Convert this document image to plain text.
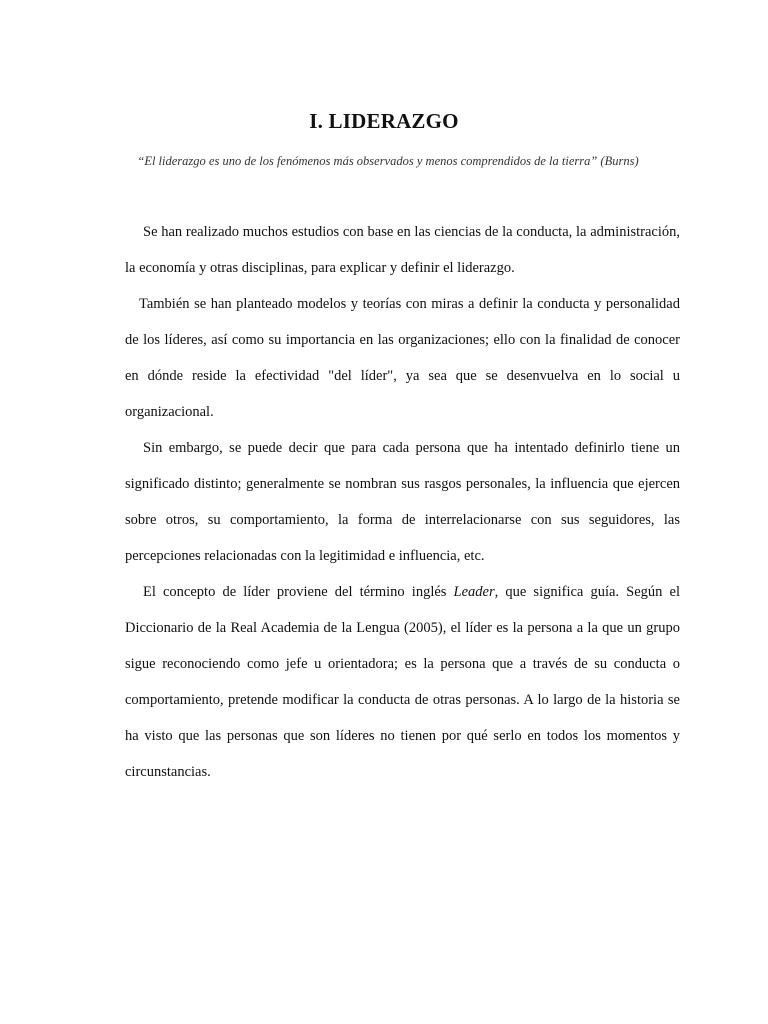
I. LIDERAZGO

“El liderazgo es uno de los fenómenos más observados y menos comprendidos de la tierra” (Burns)

Se han realizado muchos estudios con base en las ciencias de la conducta, la administración, la economía y otras disciplinas, para explicar y definir el liderazgo.

También se han planteado modelos y teorías con miras a definir la conducta y personalidad de los líderes, así como su importancia en las organizaciones; ello con la finalidad de conocer en dónde reside la efectividad "del líder", ya sea que se desenvuelva en lo social u organizacional.

Sin embargo, se puede decir que para cada persona que ha intentado definirlo tiene un significado distinto; generalmente se nombran sus rasgos personales, la influencia que ejercen sobre otros, su comportamiento, la forma de interrelacionarse con sus seguidores, las percepciones relacionadas con la legitimidad e influencia, etc.

El concepto de líder proviene del término inglés Leader, que significa guía. Según el Diccionario de la Real Academia de la Lengua (2005), el líder es la persona a la que un grupo sigue reconociendo como jefe u orientadora; es la persona que a través de su conducta o comportamiento, pretende modificar la conducta de otras personas. A lo largo de la historia se ha visto que las personas que son líderes no tienen por qué serlo en todos los momentos y circunstancias.
